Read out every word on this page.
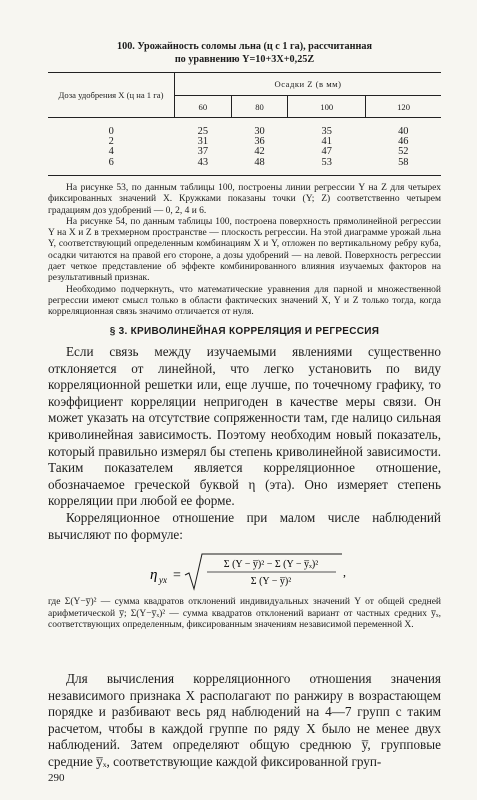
100. Урожайность соломы льна (ц с 1 га), рассчитанная
по уравнению Y=10+3X+0,25Z
Доза удобрения X (ц на 1 га)	Осадки Z (в мм)			
	60	80	100	120
0	25	30	35	40
2	31	36	41	46
4	37	42	47	52
6	43	48	53	58

На рисунке 53, по данным таблицы 100, построены линии регрессии Y на Z для четырех фиксированных значений X. Кружками показаны точки (Y; Z) соответственно четырем градациям доз удобрений — 0, 2, 4 и 6.

На рисунке 54, по данным таблицы 100, построена поверхность прямолинейной регрессии Y на X и Z в трехмерном пространстве — плоскость регрессии. На этой диаграмме урожай льна Y, соответствующий определенным комбинациям X и Y, отложен по вертикальному ребру куба, осадки читаются на правой его стороне, а дозы удобрений — на левой. Поверхность регрессии дает четкое представление об эффекте комбинированного влияния изучаемых факторов на результативный признак.

Необходимо подчеркнуть, что математические уравнения для парной и множественной регрессии имеют смысл только в области фактических значений X, Y и Z только тогда, когда корреляционная связь значимо отличается от нуля.

§ 3. КРИВОЛИНЕЙНАЯ КОРРЕЛЯЦИЯ И РЕГРЕССИЯ

Если связь между изучаемыми явлениями существенно отклоняется от линейной, что легко установить по виду корреляционной решетки или, еще лучше, по точечному графику, то коэффициент корреляции непригоден в качестве меры связи. Он может указать на отсутствие сопряженности там, где налицо сильная криволинейная зависимость. Поэтому необходим новый показатель, который правильно измерял бы степень криволинейной зависимости. Таким показателем является корреляционное отношение, обозначаемое греческой буквой η (эта). Оно измеряет степень корреляции при любой ее форме.

Корреляционное отношение при малом числе наблюдений вычисляют по формуле:

η yx =
Σ (Y − y̅)² − Σ (Y − y̅ₓ)²
Σ (Y − y̅)²
,
где Σ(Y−y̅)² — сумма квадратов отклонений индивидуальных значений Y от общей средней арифметической y̅; Σ(Y−y̅ₓ)² — сумма квадратов отклонений вариант от частных средних y̅ₓ, соответствующих определенным, фиксированным значениям независимой переменной X.

Для вычисления корреляционного отношения значения независимого признака X располагают по ранжиру в возрастающем порядке и разбивают весь ряд наблюдений на 4—7 групп с таким расчетом, чтобы в каждой группе по ряду X было не менее двух наблюдений. Затем определяют общую среднюю y̅, групповые средние y̅ₓ, соответствующие каждой фиксированной груп-

290
